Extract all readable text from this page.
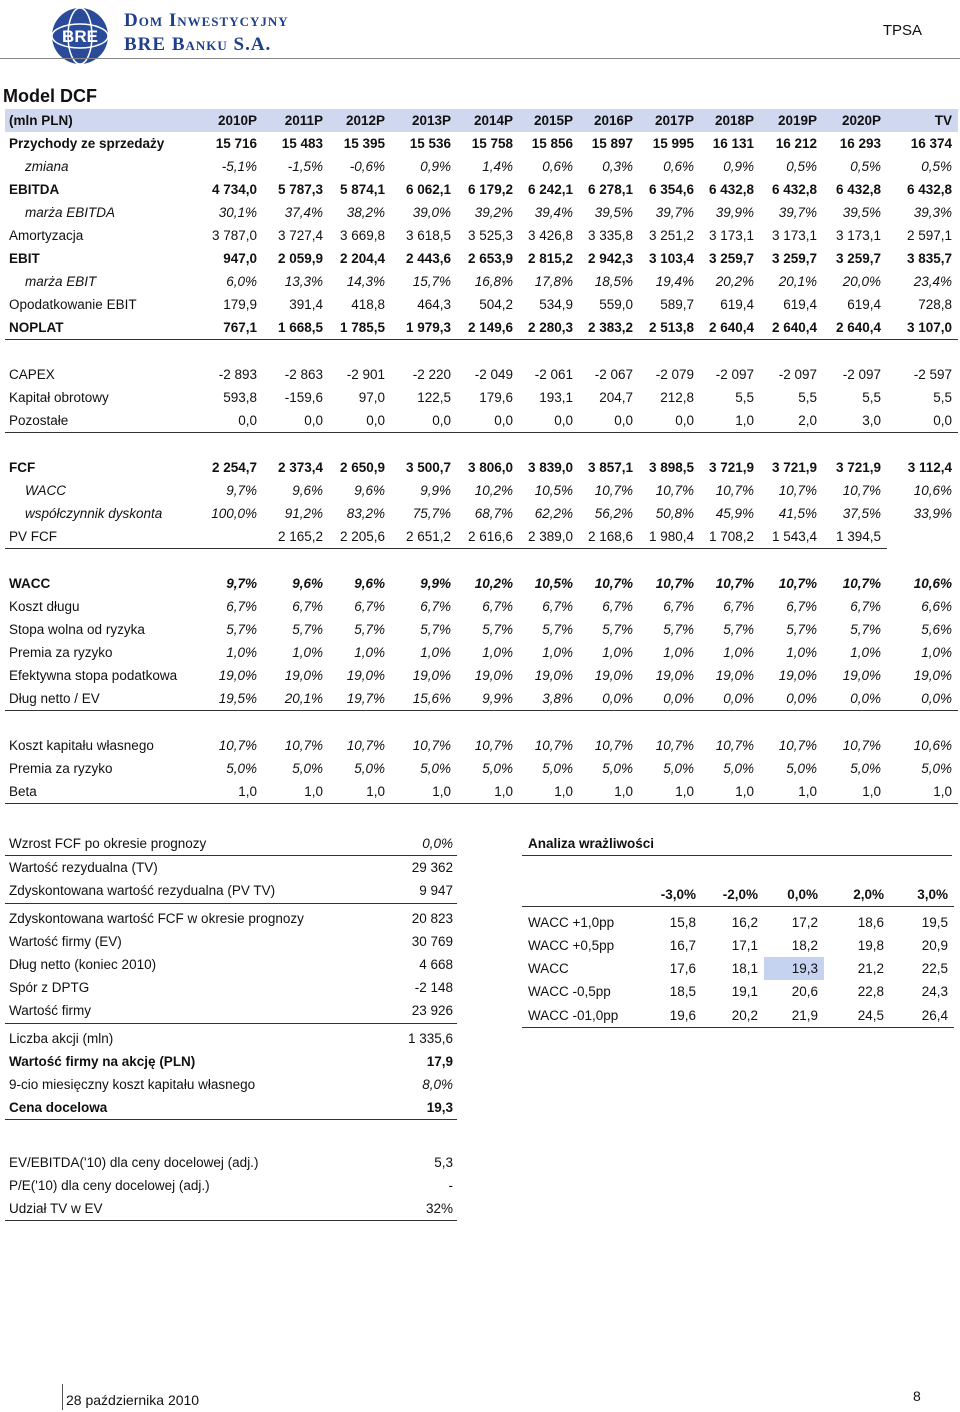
BRE
Dom Inwestycyjny
BRE Banku S.A.
TPSA
Model DCF
(mln PLN)	2010P	2011P	2012P	2013P	2014P	2015P	2016P	2017P	2018P	2019P	2020P	TV
Przychody ze sprzedaży	15 716	15 483	15 395	15 536	15 758	15 856	15 897	15 995	16 131	16 212	16 293	16 374
zmiana	-5,1%	-1,5%	-0,6%	0,9%	1,4%	0,6%	0,3%	0,6%	0,9%	0,5%	0,5%	0,5%
EBITDA	4 734,0	5 787,3	5 874,1	6 062,1	6 179,2	6 242,1	6 278,1	6 354,6	6 432,8	6 432,8	6 432,8	6 432,8
marża EBITDA	30,1%	37,4%	38,2%	39,0%	39,2%	39,4%	39,5%	39,7%	39,9%	39,7%	39,5%	39,3%
Amortyzacja	3 787,0	3 727,4	3 669,8	3 618,5	3 525,3	3 426,8	3 335,8	3 251,2	3 173,1	3 173,1	3 173,1	2 597,1
EBIT	947,0	2 059,9	2 204,4	2 443,6	2 653,9	2 815,2	2 942,3	3 103,4	3 259,7	3 259,7	3 259,7	3 835,7
marża EBIT	6,0%	13,3%	14,3%	15,7%	16,8%	17,8%	18,5%	19,4%	20,2%	20,1%	20,0%	23,4%
Opodatkowanie EBIT	179,9	391,4	418,8	464,3	504,2	534,9	559,0	589,7	619,4	619,4	619,4	728,8
NOPLAT	767,1	1 668,5	1 785,5	1 979,3	2 149,6	2 280,3	2 383,2	2 513,8	2 640,4	2 640,4	2 640,4	3 107,0

CAPEX	-2 893	-2 863	-2 901	-2 220	-2 049	-2 061	-2 067	-2 079	-2 097	-2 097	-2 097	-2 597
Kapitał obrotowy	593,8	-159,6	97,0	122,5	179,6	193,1	204,7	212,8	5,5	5,5	5,5	5,5
Pozostałe	0,0	0,0	0,0	0,0	0,0	0,0	0,0	0,0	1,0	2,0	3,0	0,0

FCF	2 254,7	2 373,4	2 650,9	3 500,7	3 806,0	3 839,0	3 857,1	3 898,5	3 721,9	3 721,9	3 721,9	3 112,4
WACC	9,7%	9,6%	9,6%	9,9%	10,2%	10,5%	10,7%	10,7%	10,7%	10,7%	10,7%	10,6%
współczynnik dyskonta	100,0%	91,2%	83,2%	75,7%	68,7%	62,2%	56,2%	50,8%	45,9%	41,5%	37,5%	33,9%
PV FCF		2 165,2	2 205,6	2 651,2	2 616,6	2 389,0	2 168,6	1 980,4	1 708,2	1 543,4	1 394,5	

WACC	9,7%	9,6%	9,6%	9,9%	10,2%	10,5%	10,7%	10,7%	10,7%	10,7%	10,7%	10,6%
Koszt długu	6,7%	6,7%	6,7%	6,7%	6,7%	6,7%	6,7%	6,7%	6,7%	6,7%	6,7%	6,6%
Stopa wolna od ryzyka	5,7%	5,7%	5,7%	5,7%	5,7%	5,7%	5,7%	5,7%	5,7%	5,7%	5,7%	5,6%
Premia za ryzyko	1,0%	1,0%	1,0%	1,0%	1,0%	1,0%	1,0%	1,0%	1,0%	1,0%	1,0%	1,0%
Efektywna stopa podatkowa	19,0%	19,0%	19,0%	19,0%	19,0%	19,0%	19,0%	19,0%	19,0%	19,0%	19,0%	19,0%
Dług netto / EV	19,5%	20,1%	19,7%	15,6%	9,9%	3,8%	0,0%	0,0%	0,0%	0,0%	0,0%	0,0%

Koszt kapitału własnego	10,7%	10,7%	10,7%	10,7%	10,7%	10,7%	10,7%	10,7%	10,7%	10,7%	10,7%	10,6%
Premia za ryzyko	5,0%	5,0%	5,0%	5,0%	5,0%	5,0%	5,0%	5,0%	5,0%	5,0%	5,0%	5,0%
Beta	1,0	1,0	1,0	1,0	1,0	1,0	1,0	1,0	1,0	1,0	1,0	1,0
Wzrost FCF po okresie prognozy	0,0%
Wartość rezydualna (TV)	29 362
Zdyskontowana wartość rezydualna (PV TV)	9 947

Zdyskontowana wartość FCF w okresie prognozy	20 823
Wartość firmy (EV)	30 769
Dług netto (koniec 2010)	4 668
Spór z DPTG	-2 148
Wartość firmy	23 926

Liczba akcji (mln)	1 335,6
Wartość firmy na akcję (PLN)	17,9
9-cio miesięczny koszt kapitału własnego	8,0%
Cena docelowa	19,3
Analiza wrażliwości
	-3,0%	-2,0%	0,0%	2,0%	3,0%

WACC +1,0pp	15,8	16,2	17,2	18,6	19,5
WACC +0,5pp	16,7	17,1	18,2	19,8	20,9
WACC	17,6	18,1	19,3	21,2	22,5
WACC -0,5pp	18,5	19,1	20,6	22,8	24,3
WACC -01,0pp	19,6	20,2	21,9	24,5	26,4
EV/EBITDA('10) dla ceny docelowej (adj.)	5,3
P/E('10) dla ceny docelowej (adj.)	-
Udział TV w EV	32%
28 października 2010	8
